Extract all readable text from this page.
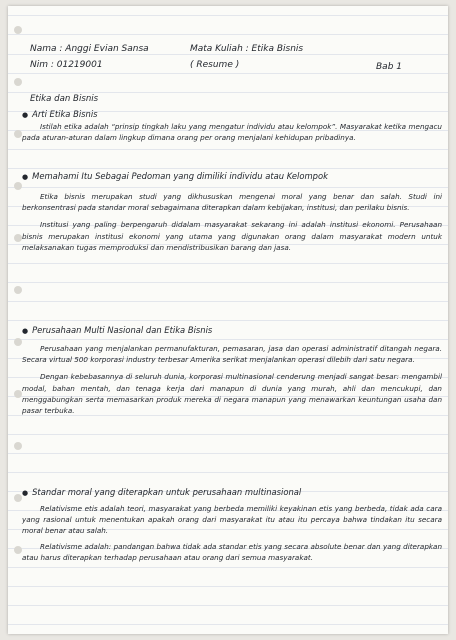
Nama : Anggi Evian Sansa
Nim : 01219001
Mata Kuliah : Etika Bisnis
( Resume )	Bab 1
Etika dan Bisnis
● Arti Etika Bisnis

Istilah etika adalah “prinsip tingkah laku yang mengatur individu atau kelompok”. Masyarakat ketika mengacu pada aturan-aturan dalam lingkup dimana orang per orang menjalani kehidupan pribadinya.

● Memahami Itu Sebagai Pedoman yang dimiliki individu atau Kelompok

Etika bisnis merupakan studi yang dikhususkan mengenai moral yang benar dan salah. Studi ini berkonsentrasi pada standar moral sebagaimana diterapkan dalam kebijakan, institusi, dan perilaku bisnis.

Institusi yang paling berpengaruh didalam masyarakat sekarang ini adalah institusi ekonomi. Perusahaan bisnis merupakan institusi ekonomi yang utama yang digunakan orang dalam masyarakat modern untuk melaksanakan tugas memproduksi dan mendistribusikan barang dan jasa.

● Perusahaan Multi Nasional dan Etika Bisnis

Perusahaan yang menjalankan permanufakturan, pemasaran, jasa dan operasi administratif ditangah negara. Secara virtual 500 korporasi industry terbesar Amerika serikat menjalankan operasi dilebih dari satu negara.

Dengan kebebasannya di seluruh dunia, korporasi multinasional cenderung menjadi sangat besar: mengambil modal, bahan mentah, dan tenaga kerja dari manapun di dunia yang murah, ahli dan mencukupi, dan menggabungkan serta memasarkan produk mereka di negara manapun yang menawarkan keuntungan usaha dan pasar terbuka.

● Standar moral yang diterapkan untuk perusahaan multinasional

Relativisme etis adalah teori, masyarakat yang berbeda memiliki keyakinan etis yang berbeda, tidak ada cara yang rasional untuk menentukan apakah orang dari masyarakat itu atau itu percaya bahwa tindakan itu secara moral benar atau salah.

Relativisme adalah: pandangan bahwa tidak ada standar etis yang secara absolute benar dan yang diterapkan atau harus diterapkan terhadap perusahaan atau orang dari semua masyarakat.
